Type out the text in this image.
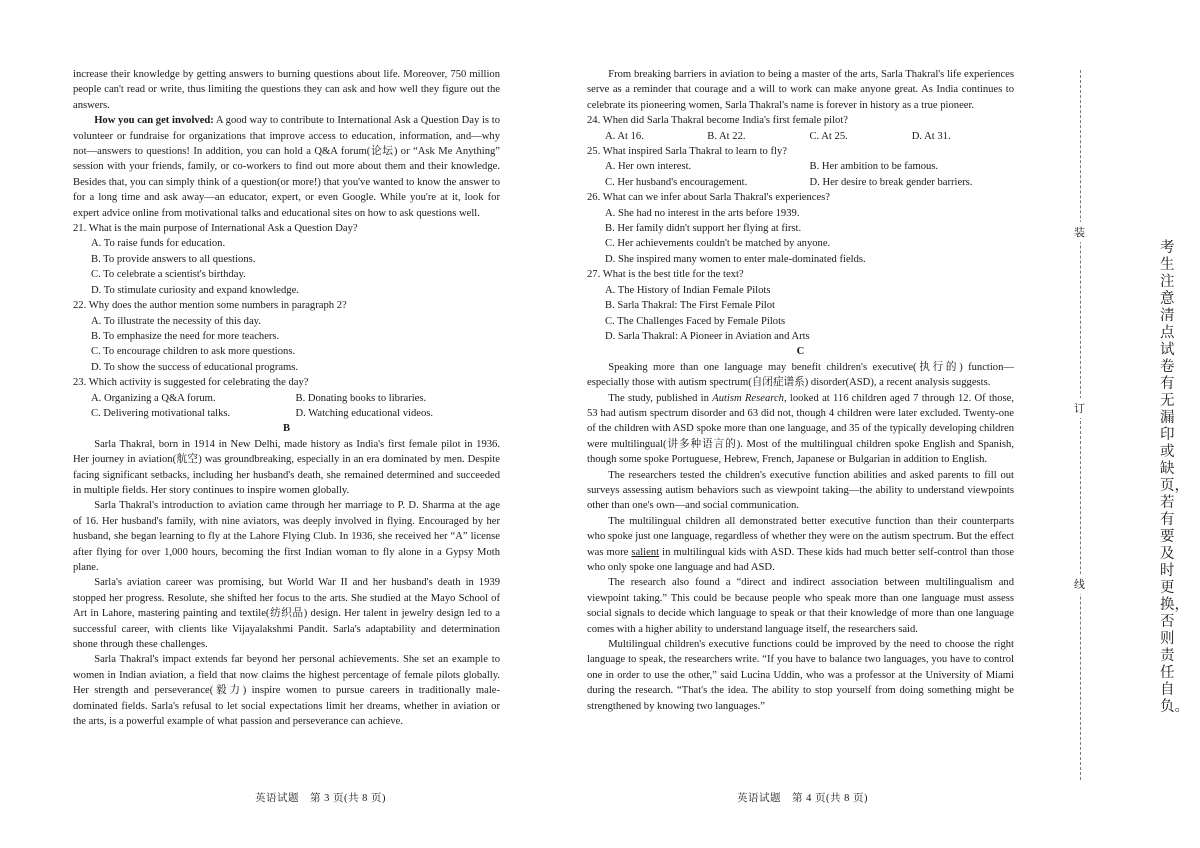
increase their knowledge by getting answers to burning questions about life. Moreover, 750 million people can't read or write, thus limiting the questions they can ask and how well they figure out the answers.

How you can get involved: A good way to contribute to International Ask a Question Day is to volunteer or fundraise for organizations that improve access to education, information, and—why not—answers to questions! In addition, you can hold a Q&A forum(论坛) or “Ask Me Anything” session with your friends, family, or co-workers to find out more about them and their knowledge. Besides that, you can simply think of a question(or more!) that you've wanted to know the answer to for a long time and ask away—an educator, expert, or even Google. While you're at it, look for expert advice online from motivational talks and educational sites on how to ask questions well.

21. What is the main purpose of International Ask a Question Day?

A. To raise funds for education.

B. To provide answers to all questions.

C. To celebrate a scientist's birthday.

D. To stimulate curiosity and expand knowledge.

22. Why does the author mention some numbers in paragraph 2?

A. To illustrate the necessity of this day.

B. To emphasize the need for more teachers.

C. To encourage children to ask more questions.

D. To show the success of educational programs.

23. Which activity is suggested for celebrating the day?

A. Organizing a Q&A forum.	B. Donating books to libraries.
C. Delivering motivational talks.	D. Watching educational videos.

B

Sarla Thakral, born in 1914 in New Delhi, made history as India's first female pilot in 1936. Her journey in aviation(航空) was groundbreaking, especially in an era dominated by men. Despite facing significant setbacks, including her husband's death, she remained determined and succeeded in multiple fields. Her story continues to inspire women globally.

Sarla Thakral's introduction to aviation came through her marriage to P. D. Sharma at the age of 16. Her husband's family, with nine aviators, was deeply involved in flying. Encouraged by her husband, she began learning to fly at the Lahore Flying Club. In 1936, she received her “A” license after flying for over 1,000 hours, becoming the first Indian woman to fly alone in a Gypsy Moth plane.

Sarla's aviation career was promising, but World War II and her husband's death in 1939 stopped her progress. Resolute, she shifted her focus to the arts. She studied at the Mayo School of Art in Lahore, mastering painting and textile(纺织品) design. Her talent in jewelry design led to a successful career, with clients like Vijayalakshmi Pandit. Sarla's adaptability and determination shone through these challenges.

Sarla Thakral's impact extends far beyond her personal achievements. She set an example to women in Indian aviation, a field that now claims the highest percentage of female pilots globally. Her strength and perseverance(毅力) inspire women to pursue careers in traditionally male-dominated fields. Sarla's refusal to let social expectations limit her dreams, whether in aviation or the arts, is a powerful example of what passion and perseverance can achieve.

From breaking barriers in aviation to being a master of the arts, Sarla Thakral's life experiences serve as a reminder that courage and a will to work can make anyone great. As India continues to celebrate its pioneering women, Sarla Thakral's name is forever in history as a true pioneer.

24. When did Sarla Thakral become India's first female pilot?

A. At 16.	B. At 22.	C. At 25.	D. At 31.

25. What inspired Sarla Thakral to learn to fly?

A. Her own interest.	B. Her ambition to be famous.
C. Her husband's encouragement.	D. Her desire to break gender barriers.

26. What can we infer about Sarla Thakral's experiences?

A. She had no interest in the arts before 1939.

B. Her family didn't support her flying at first.

C. Her achievements couldn't be matched by anyone.

D. She inspired many women to enter male-dominated fields.

27. What is the best title for the text?

A. The History of Indian Female Pilots

B. Sarla Thakral: The First Female Pilot

C. The Challenges Faced by Female Pilots

D. Sarla Thakral: A Pioneer in Aviation and Arts

C

Speaking more than one language may benefit children's executive(执行的) function—especially those with autism spectrum(自闭症谱系) disorder(ASD), a recent analysis suggests.

The study, published in Autism Research, looked at 116 children aged 7 through 12. Of those, 53 had autism spectrum disorder and 63 did not, though 4 children were later excluded. Twenty-one of the children with ASD spoke more than one language, and 35 of the typically developing children were multilingual(讲多种语言的). Most of the multilingual children spoke English and Spanish, though some spoke Portuguese, Hebrew, French, Japanese or Bulgarian in addition to English.

The researchers tested the children's executive function abilities and asked parents to fill out surveys assessing autism behaviors such as viewpoint taking—the ability to understand viewpoints other than one's own—and social communication.

The multilingual children all demonstrated better executive function than their counterparts who spoke just one language, regardless of whether they were on the autism spectrum. But the effect was more salient in multilingual kids with ASD. These kids had much better self-control than those who only spoke one language and had ASD.

The research also found a “direct and indirect association between multilingualism and viewpoint taking.” This could be because people who speak more than one language must assess social signals to decide which language to speak or that their knowledge of more than one language comes with a higher ability to understand language itself, the researchers said.

Multilingual children's executive functions could be improved by the need to choose the right language to speak, the researchers write. “If you have to balance two languages, you have to control one in order to use the other,” said Lucina Uddin, who was a professor at the University of Miami during the research. “That's the idea. The ability to stop yourself from doing something might be strengthened by knowing two languages.”

英语试题　第 3 页(共 8 页)	英语试题　第 4 页(共 8 页)
装
订
线
考生注意清点试卷有无漏印或缺页，若有要及时更换，否则责任自负。
